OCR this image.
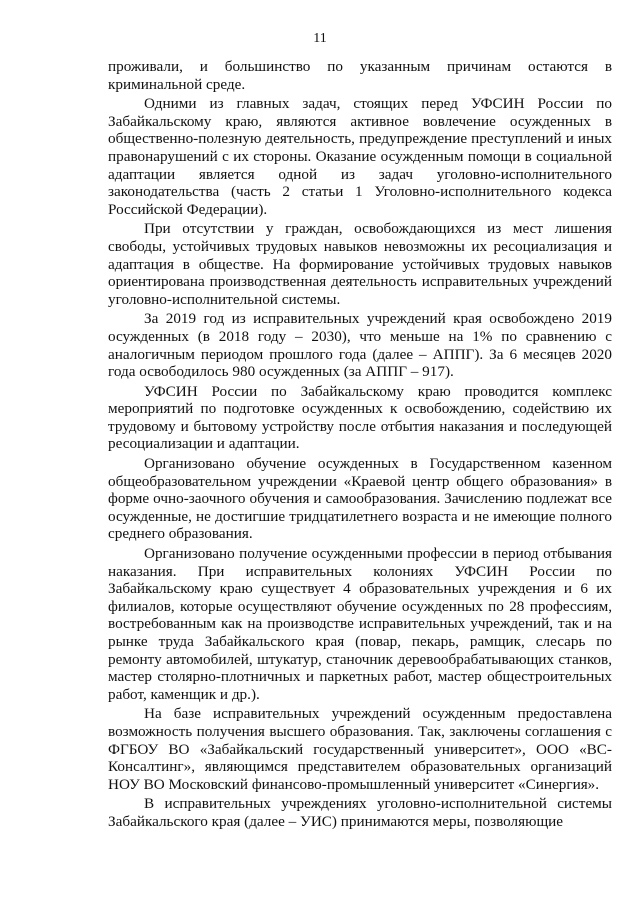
11

проживали, и большинство по указанным причинам остаются в криминальной среде.

Одними из главных задач, стоящих перед УФСИН России по Забайкальскому краю, являются активное вовлечение осужденных в общественно-полезную деятельность, предупреждение преступлений и иных правонарушений с их стороны. Оказание осужденным помощи в социальной адаптации является одной из задач уголовно-исполнительного законодательства (часть 2 статьи 1 Уголовно-исполнительного кодекса Российской Федерации).

При отсутствии у граждан, освобождающихся из мест лишения свободы, устойчивых трудовых навыков невозможны их ресоциализация и адаптация в обществе. На формирование устойчивых трудовых навыков ориентирована производственная деятельность исправительных учреждений уголовно-исполнительной системы.

За 2019 год из исправительных учреждений края освобождено 2019 осужденных (в 2018 году – 2030), что меньше на 1% по сравнению с аналогичным периодом прошлого года (далее – АППГ). За 6 месяцев 2020 года освободилось 980 осужденных (за АППГ – 917).

УФСИН России по Забайкальскому краю проводится комплекс мероприятий по подготовке осужденных к освобождению, содействию их трудовому и бытовому устройству после отбытия наказания и последующей ресоциализации и адаптации.

Организовано обучение осужденных в Государственном казенном общеобразовательном учреждении «Краевой центр общего образования» в форме очно-заочного обучения и самообразования. Зачислению подлежат все осужденные, не достигшие тридцатилетнего возраста и не имеющие полного среднего образования.

Организовано получение осужденными профессии в период отбывания наказания. При исправительных колониях УФСИН России по Забайкальскому краю существует 4 образовательных учреждения и 6 их филиалов, которые осуществляют обучение осужденных по 28 профессиям, востребованным как на производстве исправительных учреждений, так и на рынке труда Забайкальского края (повар, пекарь, рамщик, слесарь по ремонту автомобилей, штукатур, станочник деревообрабатывающих станков, мастер столярно-плотничных и паркетных работ, мастер общестроительных работ, каменщик и др.).

На базе исправительных учреждений осужденным предоставлена возможность получения высшего образования. Так, заключены соглашения с ФГБОУ ВО «Забайкальский государственный университет», ООО «ВС-Консалтинг», являющимся представителем образовательных организаций НОУ ВО Московский финансово-промышленный университет «Синергия».

В исправительных учреждениях уголовно-исполнительной системы Забайкальского края (далее – УИС) принимаются меры, позволяющие
